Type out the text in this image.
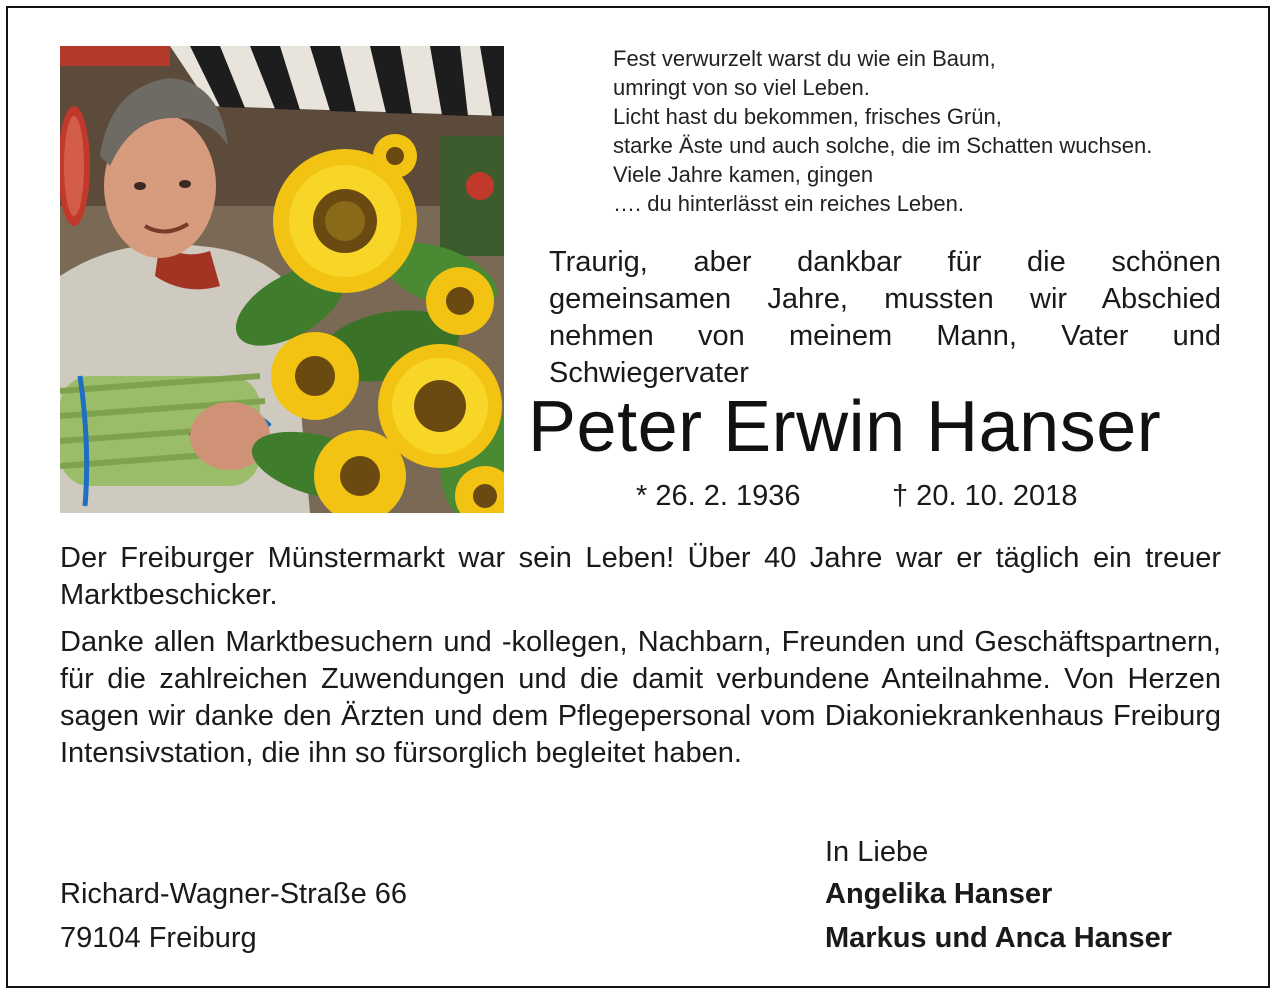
Fest verwurzelt warst du wie ein Baum,
umringt von so viel Leben.
Licht hast du bekommen, frisches Grün,
starke Äste und auch solche, die im Schatten wuchsen.
Viele Jahre kamen, gingen
…. du hinterlässt ein reiches Leben.
Traurig, aber dankbar für die schönen gemeinsamen Jahre, mussten wir Abschied nehmen von meinem Mann, Vater und Schwiegervater
Peter Erwin Hanser
* 26. 2. 1936	† 20. 10. 2018
Der Freiburger Münstermarkt war sein Leben! Über 40 Jahre war er täglich ein treuer Marktbeschicker.
Danke allen Marktbesuchern und -kollegen, Nachbarn, Freunden und Geschäftspartnern, für die zahlreichen Zuwendungen und die damit verbundene Anteilnahme. Von Herzen sagen wir danke den Ärzten und dem Pflegepersonal vom Diakoniekrankenhaus Freiburg Intensivstation, die ihn so fürsorglich begleitet haben.
Richard-Wagner-Straße 66
79104 Freiburg
In Liebe
Angelika Hanser
Markus und Anca Hanser
